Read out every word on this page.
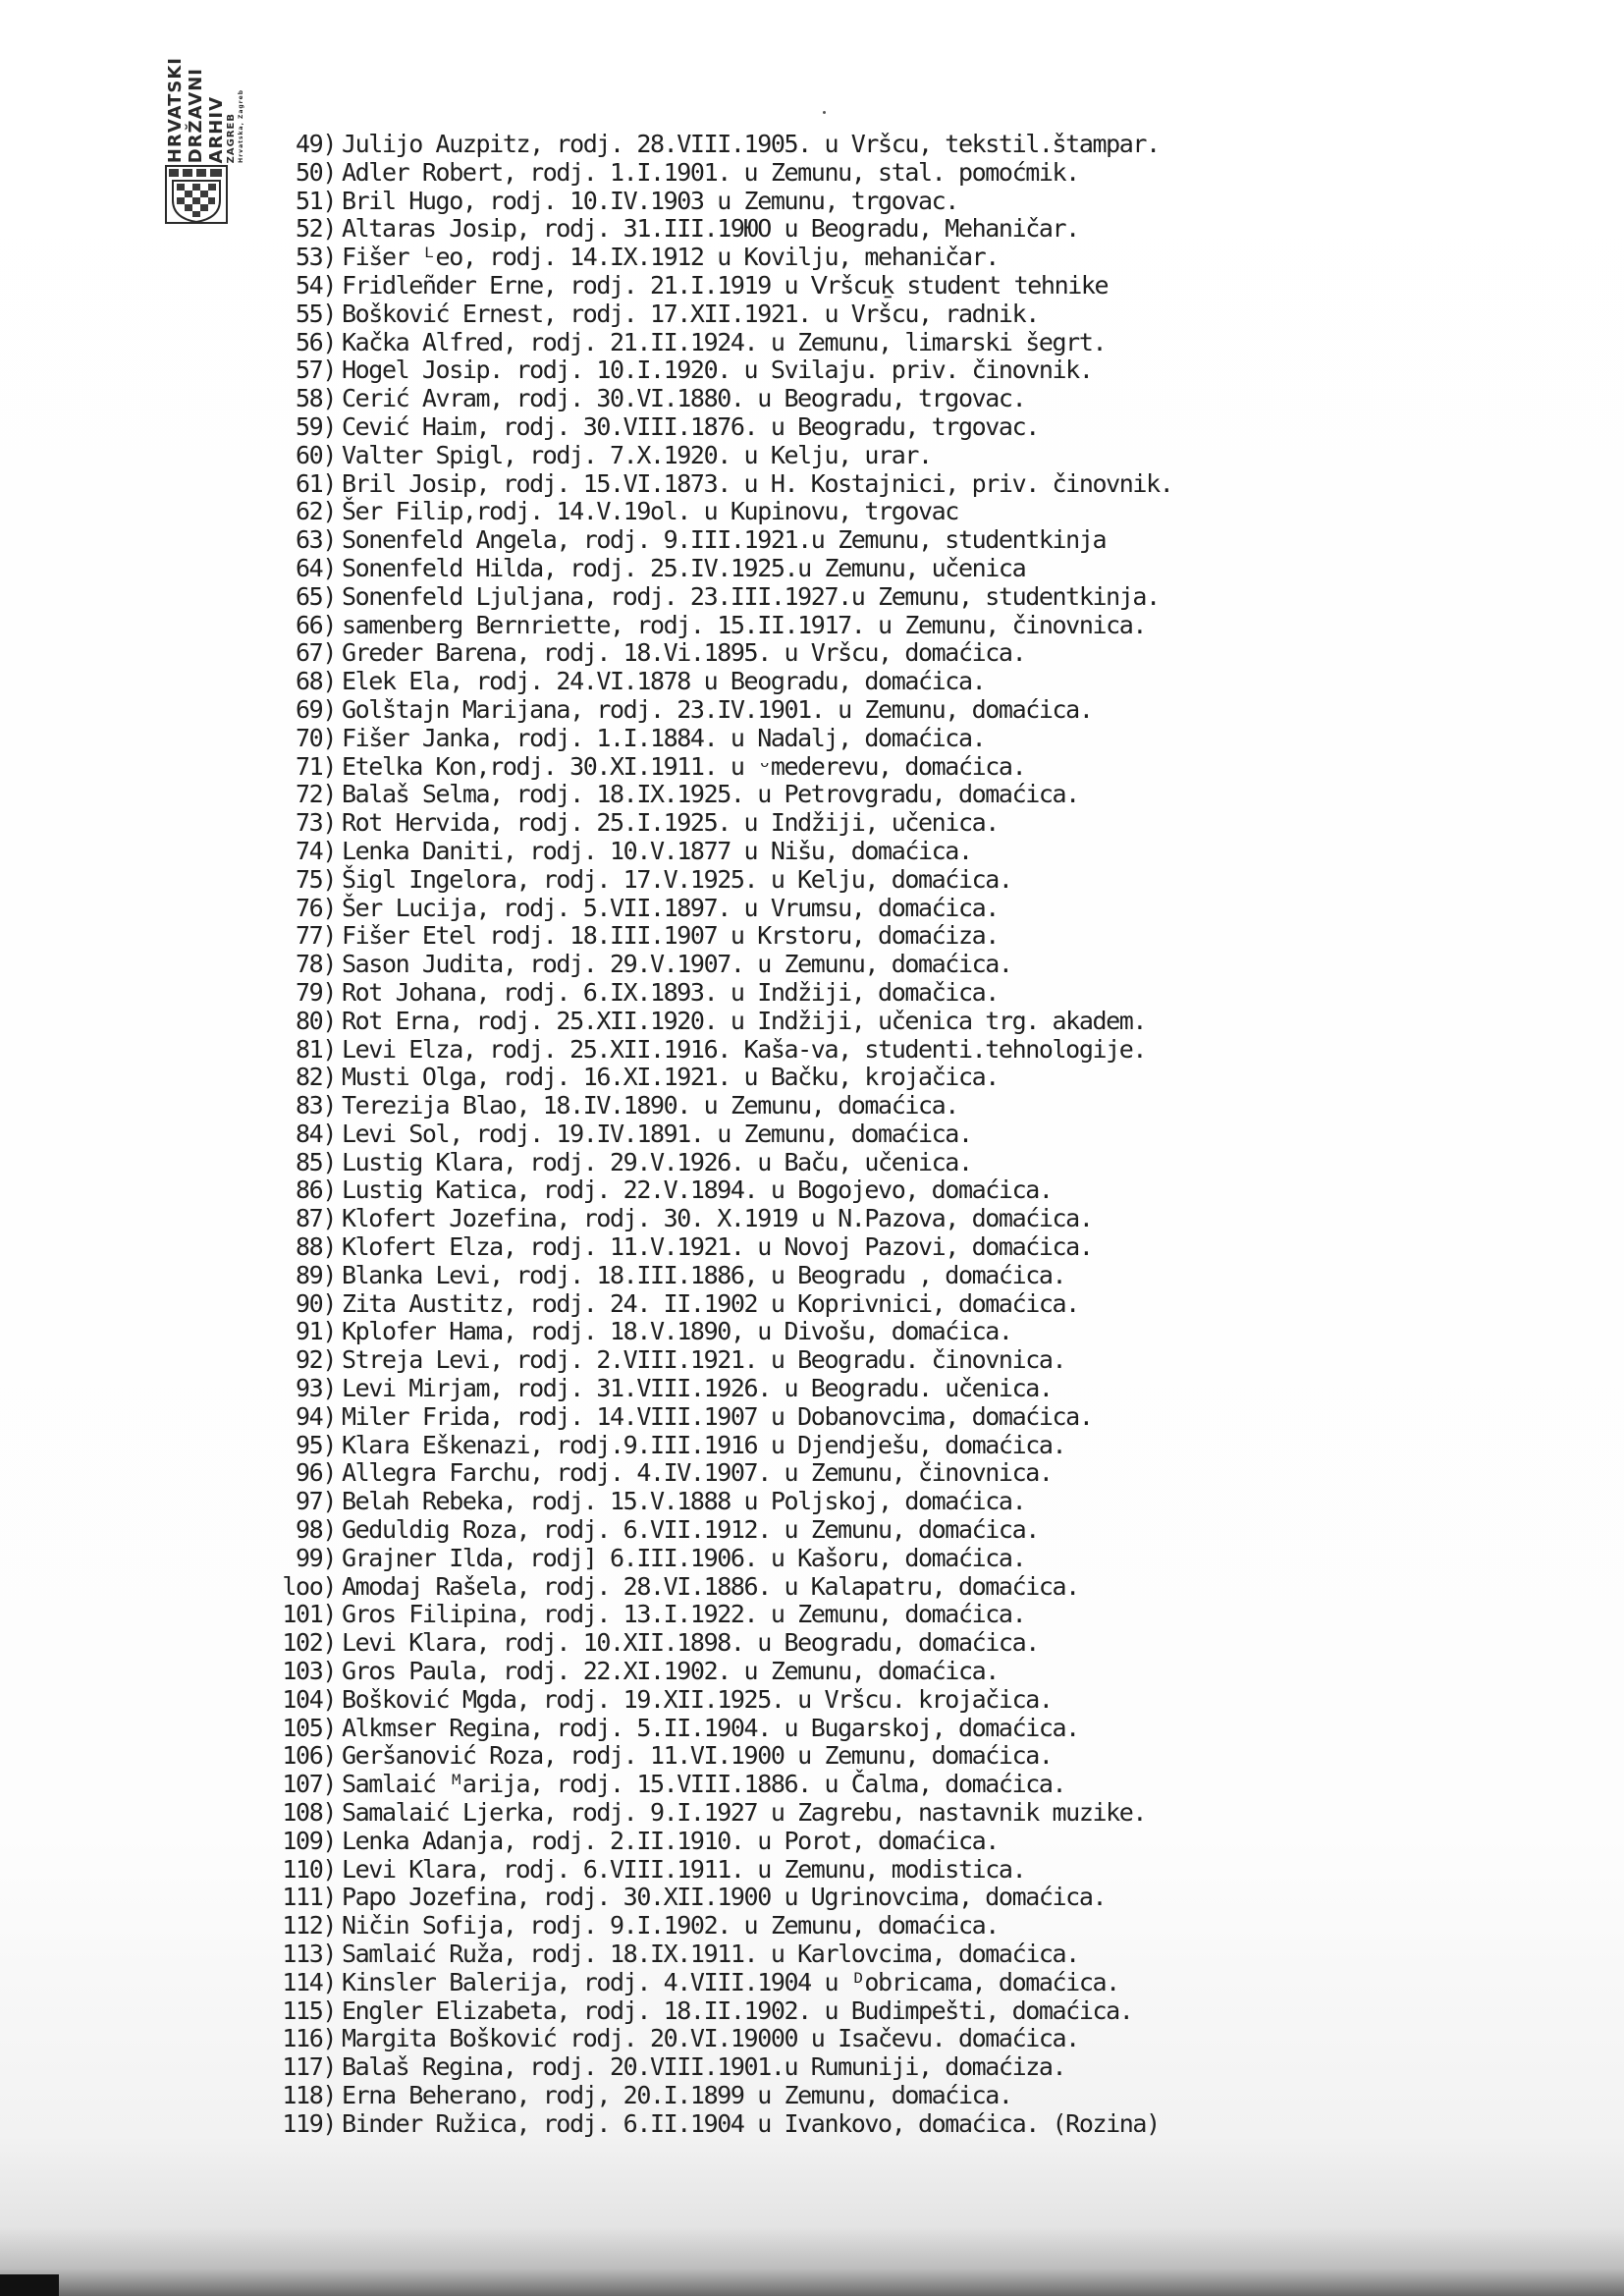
HRVATSKI DRŽAVNI ARHIV ZAGREB Hrvatska, Zagreb	49) Julijo Auzpitz, rodj. 28.VIII.1905. u Vršcu, tekstil.štampar.
50) Adler Robert, rodj. 1.I.1901. u Zemunu, stal. pomoćmik.
51) Bril Hugo, rodj. 10.IV.1903 u Zemunu, trgovac.
52) Altaras Josip, rodj. 31.III.19ЮO u Beogradu, Mehaničar.
53) Fišer ᴸeo, rodj. 14.IX.1912 u Kovilju, mehaničar.
54) Fridleñder Erne, rodj. 21.I.1919 u ᐯršcuḵ student tehnike
55) Bošković Ernest, rodj. 17.XII.1921. u Vršcu, radnik.
56) Kačka Alfred, rodj. 21.II.1924. u Zemunu, limarski šegrt.
57) Hogel Josip. rodj. 10.I.1920. u Svilaju. priv. činovnik.
58) Cerić Avram, rodj. 30.VI.1880. u Beogradu, trgovac.
59) Cević Haim, rodj. 30.VIII.1876. u Beogradu, trgovac.
60) Valter Spigl, rodj. 7.X.1920. u Kelju, urar.
61) Bril Josip, rodj. 15.VI.1873. u H. Kostajnici, priv. činovnik.
62) Šer Filip,rodj. 14.V.19ol. u Kupinovu, trgovac
63) Sonenfeld Angela, rodj. 9.III.1921.u Zemunu, studentkinja
64) Sonenfeld Hilda, rodj. 25.IV.1925.u Zemunu, učenica
65) Sonenfeld Ljuljana, rodj. 23.III.1927.u Zemunu, studentkinja.
66) samenberg Bernriette, rodj. 15.II.1917. u Zemunu, činovnica.
67) Greder Barena, rodj. 18.Vi.1895. u Vršcu, domaćica.
68) Elek Ela, rodj. 24.VI.1878 u Beogradu, domaćica.
69) Golštajn Marijana, rodj. 23.IV.1901. u Zemunu, domaćica.
70) Fišer Janka, rodj. 1.I.1884. u Nadalj, domaćica.
71) Etelka Kon,rodj. 30.XI.1911. u ᵕmederevu, domaćica.
72) Balaš Selma, rodj. 18.IX.1925. u Petrovgradu, domaćica.
73) Rot Hervida, rodj. 25.I.1925. u Indžiji, učenica.
74) Lenka Daniti, rodj. 10.V.1877 u Nišu, domaćica.
75) Šigl Ingelora, rodj. 17.V.1925. u Kelju, domaćica.
76) Šer Lucija, rodj. 5.VII.1897. u Vrumsu, domaćica.
77) Fišer Etel rodj. 18.III.1907 u Krstoru, domaćiza.
78) Sason Judita, rodj. 29.V.1907. u Zemunu, domaćica.
79) Rot Johana, rodj. 6.IX.1893. u Indžiji, domačica.
80) Rot Erna, rodj. 25.XII.1920. u Indžiji, učenica trg. akadem.
81) Levi Elza, rodj. 25.XII.1916. Kaša-va, studenti.tehnologije.
82) Musti Olga, rodj. 16.XI.1921. u Bačku, krojačica.
83) Terezija Blao, 18.IV.1890. u Zemunu, domaćica.
84) Levi Sol, rodj. 19.IV.1891. u Zemunu, domaćica.
85) Lustig Klara, rodj. 29.V.1926. u Baču, učenica.
86) Lustig Katica, rodj. 22.V.1894. u Bogojevo, domaćica.
87) Klofert Jozefina, rodj. 30. X.1919 u N.Pazova, domaćica.
88) Klofert Elza, rodj. 11.V.1921. u Novoj Pazovi, domaćica.
89) Blanka Levi, rodj. 18.III.1886, u Beogradu , domaćica.
90) Zita Austitz, rodj. 24. II.1902 u Koprivnici, domaćica.
91) Kplofer Hama, rodj. 18.V.1890, u Divošu, domaćica.
92) Streja Levi, rodj. 2.VIII.1921. u Beogradu. činovnica.
93) Levi Mirjam, rodj. 31.VIII.1926. u Beogradu. učenica.
94) Miler Frida, rodj. 14.VIII.1907 u Dobanovcima, domaćica.
95) Klara Eškenazi, rodj.9.III.1916 u Djendješu, domaćica.
96) Allegra Farchu, rodj. 4.IV.1907. u Zemunu, činovnica.
97) Belah Rebeka, rodj. 15.V.1888 u Poljskoj, domaćica.
98) Geduldig Roza, rodj. 6.VII.1912. u Zemunu, domaćica.
99) Grajner Ilda, rodj] 6.III.1906. u Kašoru, domaćica.
loo) Amodaj Rašela, rodj. 28.VI.1886. u Kalapatru, domaćica.
101) Gros Filipina, rodj. 13.I.1922. u Zemunu, domaćica.
102) Levi Klara, rodj. 10.XII.1898. u Beogradu, domaćica.
103) Gros Paula, rodj. 22.XI.1902. u Zemunu, domaćica.
104) Bošković Mgda, rodj. 19.XII.1925. u Vršcu. krojačica.
105) Alkmser Regina, rodj. 5.II.1904. u Bugarskoj, domaćica.
106) Geršanović Roza, rodj. 11.VI.1900 u Zemunu, domaćica.
107) Samlaić ᴹarija, rodj. 15.VIII.1886. u Čalma, domaćica.
108) Samalaić Ljerka, rodj. 9.I.1927 u Zagrebu, nastavnik muzike.
109) Lenka Adanja, rodj. 2.II.1910. u Porot, domaćica.
110) Levi Klara, rodj. 6.VIII.1911. u Zemunu, modistica.
111) Papo Jozefina, rodj. 30.XII.1900 u Ugrinovcima, domaćica.
112) Ničin Sofija, rodj. 9.I.1902. u Zemunu, domaćica.
113) Samlaić Ruža, rodj. 18.IX.1911. u Karlovcima, domaćica.
114) Kinsler Balerija, rodj. 4.VIII.1904 u ᴰobricama, domaćica.
115) Engler Elizabeta, rodj. 18.II.1902. u Budimpešti, domaćica.
116) Margita Bošković rodj. 20.VI.19000 u Isačevu. domaćica.
117) Balaš Regina, rodj. 20.VIII.1901.u Rumuniji, domaćiza.
118) Erna Beherano, rodj, 20.I.1899 u Zemunu, domaćica.
119) Binder Ružica, rodj. 6.II.1904 u Ivankovo, domaćica. (Rozina)
